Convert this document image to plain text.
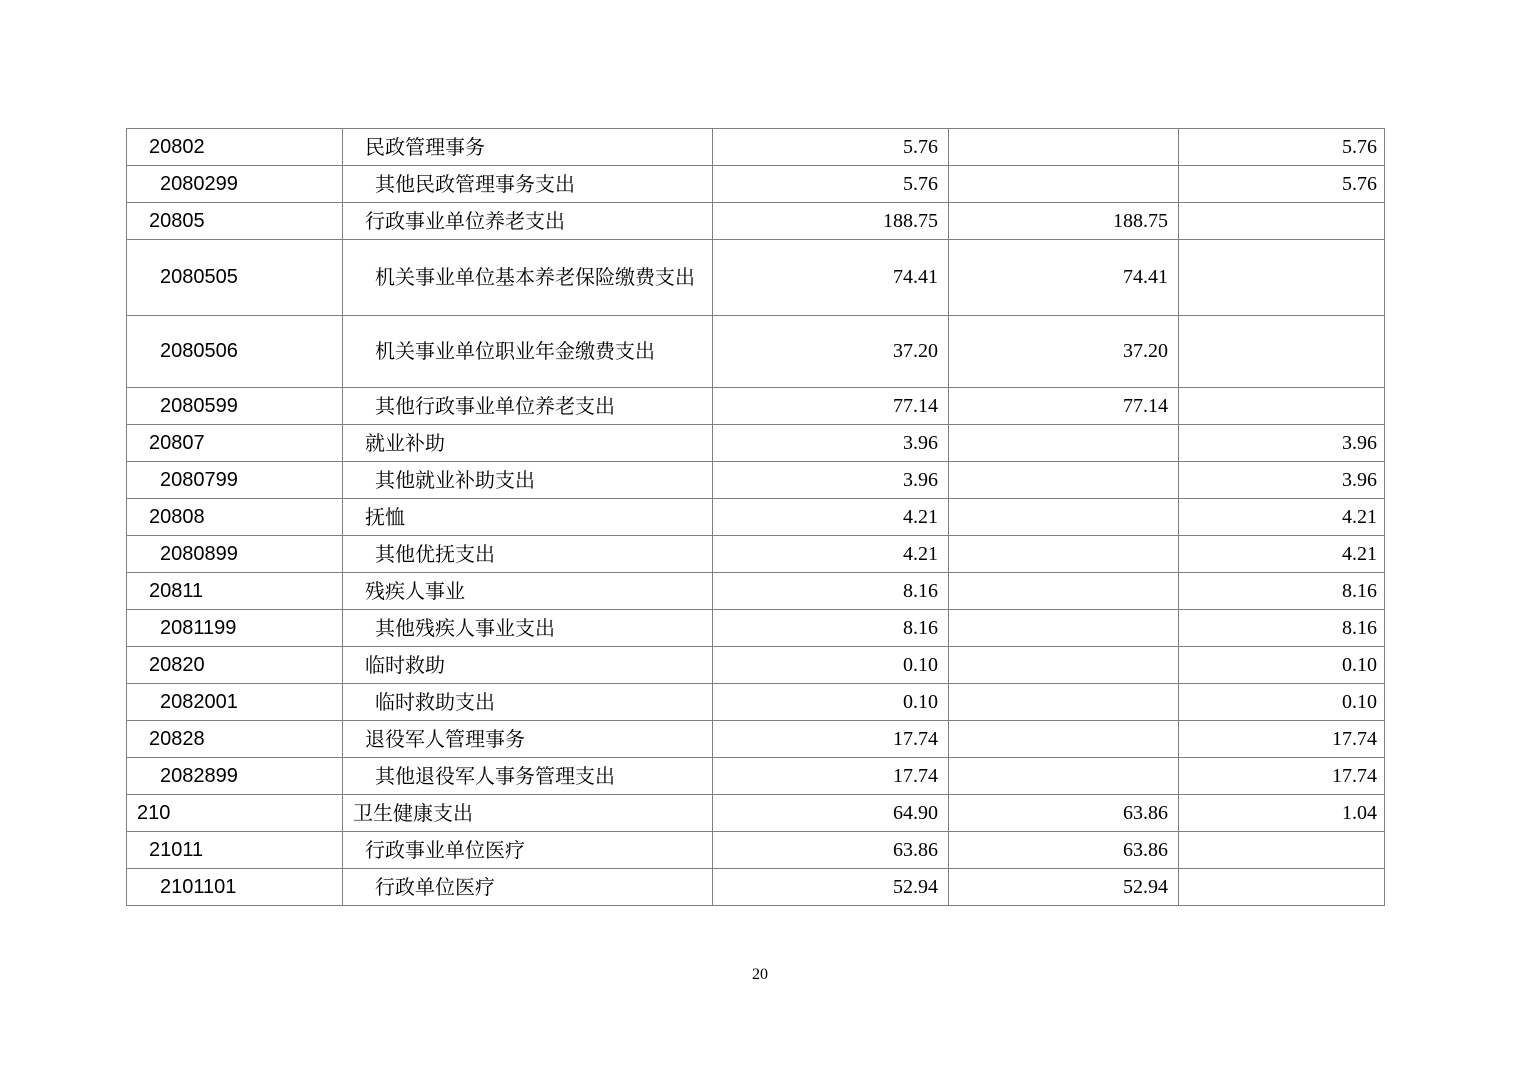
20802	民政管理事务	5.76		5.76
2080299	其他民政管理事务支出	5.76		5.76
20805	行政事业单位养老支出	188.75	188.75	
2080505	机关事业单位基本养老保险缴费支出	74.41	74.41	
2080506	机关事业单位职业年金缴费支出	37.20	37.20	
2080599	其他行政事业单位养老支出	77.14	77.14	
20807	就业补助	3.96		3.96
2080799	其他就业补助支出	3.96		3.96
20808	抚恤	4.21		4.21
2080899	其他优抚支出	4.21		4.21
20811	残疾人事业	8.16		8.16
2081199	其他残疾人事业支出	8.16		8.16
20820	临时救助	0.10		0.10
2082001	临时救助支出	0.10		0.10
20828	退役军人管理事务	17.74		17.74
2082899	其他退役军人事务管理支出	17.74		17.74
210	卫生健康支出	64.90	63.86	1.04
21011	行政事业单位医疗	63.86	63.86	
2101101	行政单位医疗	52.94	52.94	
20
